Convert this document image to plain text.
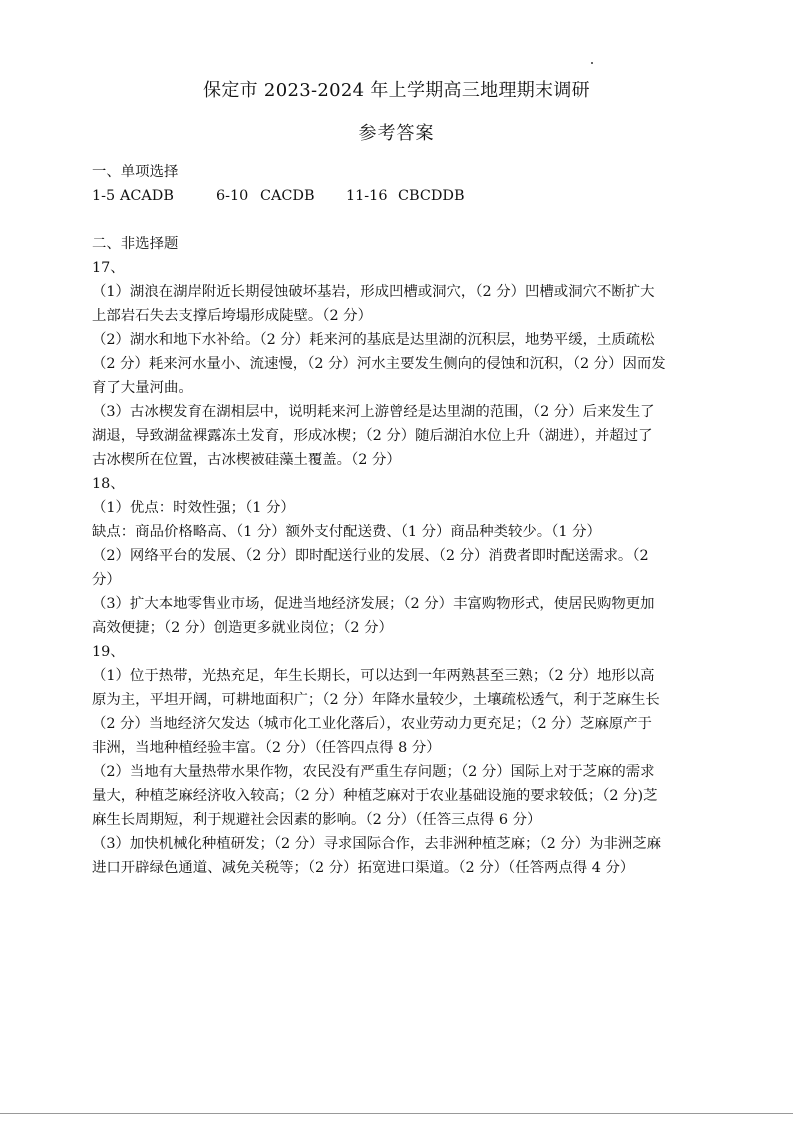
保定市 2023-2024 年上学期高三地理期末调研
参考答案
一、单项选择
1-5 ACADB	6-10 CACDB 11-16 CBCDDB
二、非选择题
17、
（1）湖浪在湖岸附近长期侵蚀破坏基岩，形成凹槽或洞穴，（2 分）凹槽或洞穴不断扩大
上部岩石失去支撑后垮塌形成陡壁。（2 分）
（2）湖水和地下水补给。（2 分）耗来河的基底是达里湖的沉积层，地势平缓，土质疏松
（2 分）耗来河水量小、流速慢，（2 分）河水主要发生侧向的侵蚀和沉积，（2 分）因而发
育了大量河曲。
（3）古冰楔发育在湖相层中，说明耗来河上游曾经是达里湖的范围，（2 分）后来发生了
湖退，导致湖盆裸露冻土发育，形成冰楔；（2 分）随后湖泊水位上升（湖进），并超过了
古冰楔所在位置，古冰楔被硅藻土覆盖。（2 分）
18、
（1）优点：时效性强；（1 分）
缺点：商品价格略高、（1 分）额外支付配送费、（1 分）商品种类较少。（1 分）
（2）网络平台的发展、（2 分）即时配送行业的发展、（2 分）消费者即时配送需求。（2
分）
（3）扩大本地零售业市场，促进当地经济发展；（2 分）丰富购物形式，使居民购物更加
高效便捷；（2 分）创造更多就业岗位；（2 分）
19、
（1）位于热带，光热充足，年生长期长，可以达到一年两熟甚至三熟；（2 分）地形以高
原为主，平坦开阔，可耕地面积广；（2 分）年降水量较少，土壤疏松透气，利于芝麻生长
（2 分）当地经济欠发达（城市化工业化落后），农业劳动力更充足；（2 分）芝麻原产于
非洲，当地种植经验丰富。（2 分）（任答四点得 8 分）
（2）当地有大量热带水果作物，农民没有严重生存问题；（2 分）国际上对于芝麻的需求
量大，种植芝麻经济收入较高；（2 分）种植芝麻对于农业基础设施的要求较低；（2 分)芝
麻生长周期短，利于规避社会因素的影响。（2 分）（任答三点得 6 分）
（3）加快机械化种植研发；（2 分）寻求国际合作，去非洲种植芝麻；（2 分）为非洲芝麻
进口开辟绿色通道、减免关税等；（2 分）拓宽进口渠道。（2 分）（任答两点得 4 分）
